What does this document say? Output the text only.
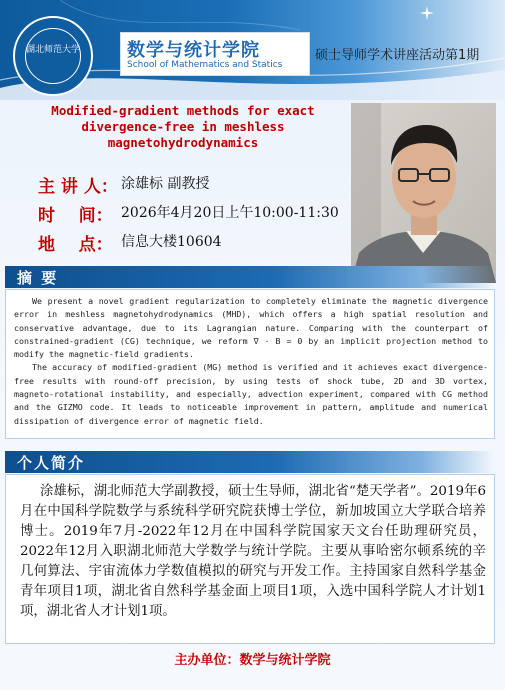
湖北师范大学	数学与统计学院
School of Mathematics and Statics
硕士导师学术讲座活动第1期
Modified-gradient methods for exact divergence-free in meshless magnetohydrodynamics
主 讲 人： 涂雄标 副教授
时    间： 2026年4月20日上午10:00-11:30
地    点： 信息大楼10604
摘 要

We present a novel gradient regularization to completely eliminate the magnetic divergence error in meshless magnetohydrodynamics (MHD), which offers a high spatial resolution and conservative advantage, due to its Lagrangian nature. Comparing with the counterpart of constrained-gradient (CG) technique, we reform ∇ · B = 0 by an implicit projection method to modify the magnetic-field gradients.

The accuracy of modified-gradient (MG) method is verified and it achieves exact divergence-free results with round-off precision, by using tests of shock tube, 2D and 3D vortex, magneto-rotational instability, and especially, advection experiment, compared with CG method and the GIZMO code. It leads to noticeable improvement in pattern, amplitude and numerical dissipation of divergence error of magnetic field.

个人简介

涂雄标，湖北师范大学副教授，硕士生导师，湖北省“楚天学者”。2019年6月在中国科学院数学与系统科学研究院获博士学位，新加坡国立大学联合培养博士。2019年7月-2022年12月在中国科学院国家天文台任助理研究员，2022年12月入职湖北师范大学数学与统计学院。主要从事哈密尔顿系统的辛几何算法、宇宙流体力学数值模拟的研究与开发工作。主持国家自然科学基金青年项目1项，湖北省自然科学基金面上项目1项，入选中国科学院人才计划1项，湖北省人才计划1项。

主办单位：数学与统计学院
